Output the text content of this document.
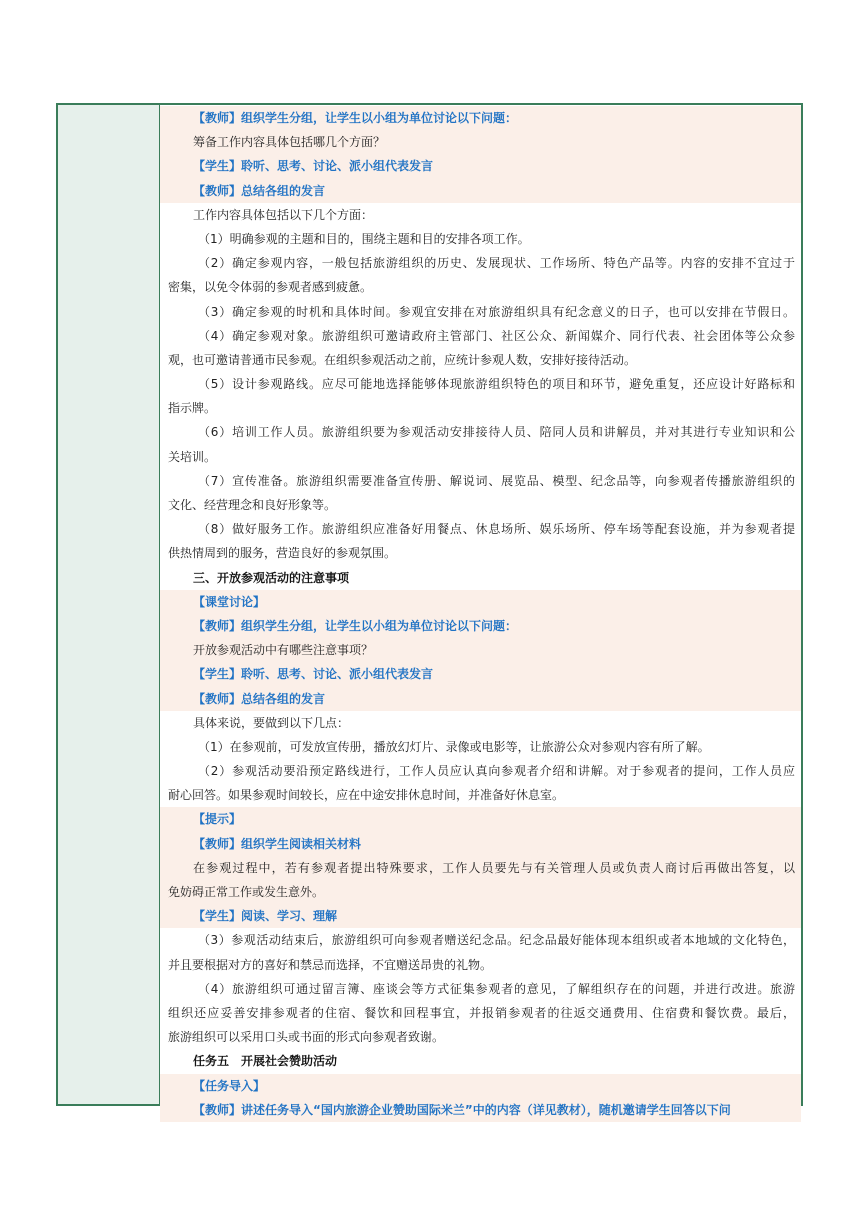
【教师】组织学生分组，让学生以小组为单位讨论以下问题：
筹备工作内容具体包括哪几个方面？
【学生】聆听、思考、讨论、派小组代表发言
【教师】总结各组的发言
工作内容具体包括以下几个方面：
（1）明确参观的主题和目的，围绕主题和目的安排各项工作。
（2）确定参观内容，一般包括旅游组织的历史、发展现状、工作场所、特色产品等。内容的安排不宜过于
密集，以免令体弱的参观者感到疲惫。
（3）确定参观的时机和具体时间。参观宜安排在对旅游组织具有纪念意义的日子，也可以安排在节假日。
（4）确定参观对象。旅游组织可邀请政府主管部门、社区公众、新闻媒介、同行代表、社会团体等公众参
观，也可邀请普通市民参观。在组织参观活动之前，应统计参观人数，安排好接待活动。
（5）设计参观路线。应尽可能地选择能够体现旅游组织特色的项目和环节，避免重复，还应设计好路标和
指示牌。
（6）培训工作人员。旅游组织要为参观活动安排接待人员、陪同人员和讲解员，并对其进行专业知识和公
关培训。
（7）宣传准备。旅游组织需要准备宣传册、解说词、展览品、模型、纪念品等，向参观者传播旅游组织的
文化、经营理念和良好形象等。
（8）做好服务工作。旅游组织应准备好用餐点、休息场所、娱乐场所、停车场等配套设施，并为参观者提
供热情周到的服务，营造良好的参观氛围。
三、开放参观活动的注意事项
【课堂讨论】
【教师】组织学生分组，让学生以小组为单位讨论以下问题：
开放参观活动中有哪些注意事项？
【学生】聆听、思考、讨论、派小组代表发言
【教师】总结各组的发言
具体来说，要做到以下几点：
（1）在参观前，可发放宣传册，播放幻灯片、录像或电影等，让旅游公众对参观内容有所了解。
（2）参观活动要沿预定路线进行，工作人员应认真向参观者介绍和讲解。对于参观者的提问，工作人员应
耐心回答。如果参观时间较长，应在中途安排休息时间，并准备好休息室。
【提示】
【教师】组织学生阅读相关材料
在参观过程中，若有参观者提出特殊要求，工作人员要先与有关管理人员或负责人商讨后再做出答复，以
免妨碍正常工作或发生意外。
【学生】阅读、学习、理解
（3）参观活动结束后，旅游组织可向参观者赠送纪念品。纪念品最好能体现本组织或者本地域的文化特色，
并且要根据对方的喜好和禁忌而选择，不宜赠送昂贵的礼物。
（4）旅游组织可通过留言簿、座谈会等方式征集参观者的意见，了解组织存在的问题，并进行改进。旅游
组织还应妥善安排参观者的住宿、餐饮和回程事宜，并报销参观者的往返交通费用、住宿费和餐饮费。最后，
旅游组织可以采用口头或书面的形式向参观者致谢。
任务五　开展社会赞助活动
【任务导入】
【教师】讲述任务导入“国内旅游企业赞助国际米兰”中的内容（详见教材），随机邀请学生回答以下问
